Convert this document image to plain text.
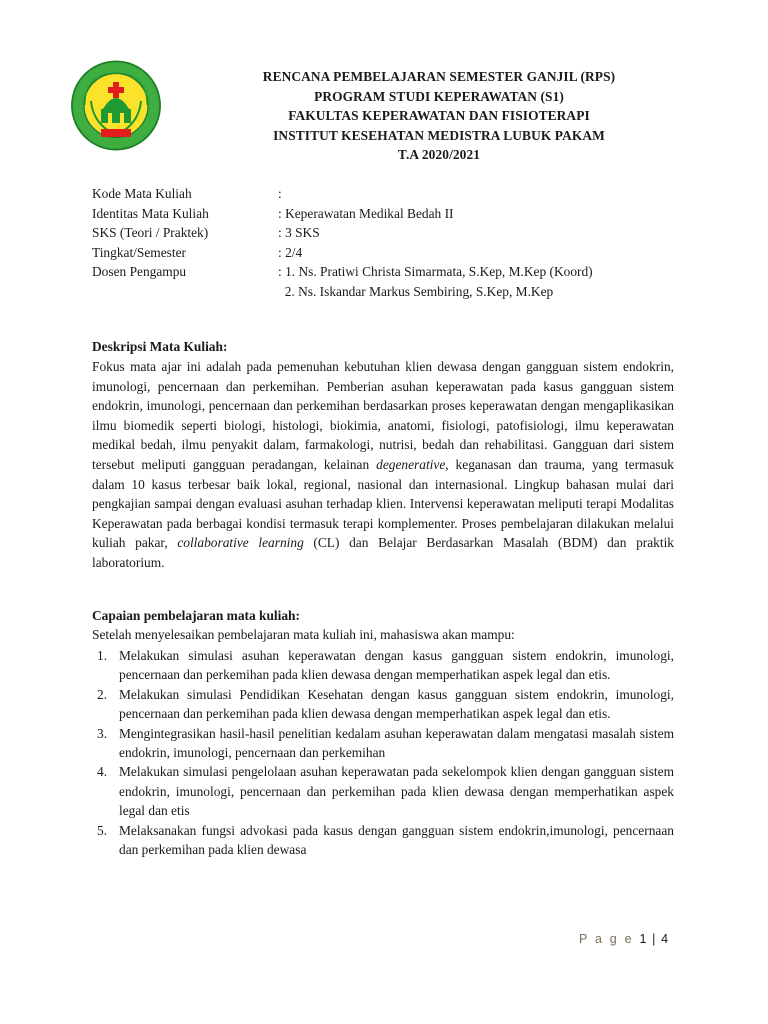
RENCANA PEMBELAJARAN SEMESTER GANJIL (RPS)
PROGRAM STUDI KEPERAWATAN (S1)
FAKULTAS KEPERAWATAN DAN FISIOTERAPI
INSTITUT KESEHATAN MEDISTRA LUBUK PAKAM
T.A 2020/2021
Kode Mata Kuliah	:
Identitas Mata Kuliah	: Keperawatan Medikal Bedah II
SKS (Teori / Praktek)	: 3 SKS
Tingkat/Semester	: 2/4
Dosen Pengampu	: 1. Ns. Pratiwi Christa Simarmata, S.Kep, M.Kep (Koord)
2. Ns. Iskandar Markus Sembiring, S.Kep, M.Kep
Deskripsi Mata Kuliah:
Fokus mata ajar ini adalah pada pemenuhan kebutuhan klien dewasa dengan gangguan sistem endokrin, imunologi, pencernaan dan perkemihan. Pemberian asuhan keperawatan pada kasus gangguan sistem endokrin, imunologi, pencernaan dan perkemihan berdasarkan proses keperawatan dengan mengaplikasikan ilmu biomedik seperti biologi, histologi, biokimia, anatomi, fisiologi, patofisiologi, ilmu keperawatan medikal bedah, ilmu penyakit dalam, farmakologi, nutrisi, bedah dan rehabilitasi. Gangguan dari sistem tersebut meliputi gangguan peradangan, kelainan degenerative, keganasan dan trauma, yang termasuk dalam 10 kasus terbesar baik lokal, regional, nasional dan internasional. Lingkup bahasan mulai dari pengkajian sampai dengan evaluasi asuhan terhadap klien. Intervensi keperawatan meliputi terapi Modalitas Keperawatan pada berbagai kondisi termasuk terapi komplementer. Proses pembelajaran dilakukan melalui kuliah pakar, collaborative learning (CL) dan Belajar Berdasarkan Masalah (BDM) dan praktik laboratorium.
Capaian pembelajaran mata kuliah:
Setelah menyelesaikan pembelajaran mata kuliah ini, mahasiswa akan mampu:
1. Melakukan simulasi asuhan keperawatan dengan kasus gangguan sistem endokrin, imunologi, pencernaan dan perkemihan pada klien dewasa dengan memperhatikan aspek legal dan etis.
2. Melakukan simulasi Pendidikan Kesehatan dengan kasus gangguan sistem endokrin, imunologi, pencernaan dan perkemihan pada klien dewasa dengan memperhatikan aspek legal dan etis.
3. Mengintegrasikan hasil-hasil penelitian kedalam asuhan keperawatan dalam mengatasi masalah sistem endokrin, imunologi, pencernaan dan perkemihan
4. Melakukan simulasi pengelolaan asuhan keperawatan pada sekelompok klien dengan gangguan sistem endokrin, imunologi, pencernaan dan perkemihan pada klien dewasa dengan memperhatikan aspek legal dan etis
5. Melaksanakan fungsi advokasi pada kasus dengan gangguan sistem endokrin,imunologi, pencernaan dan perkemihan pada klien dewasa
P a g e 1 | 4
